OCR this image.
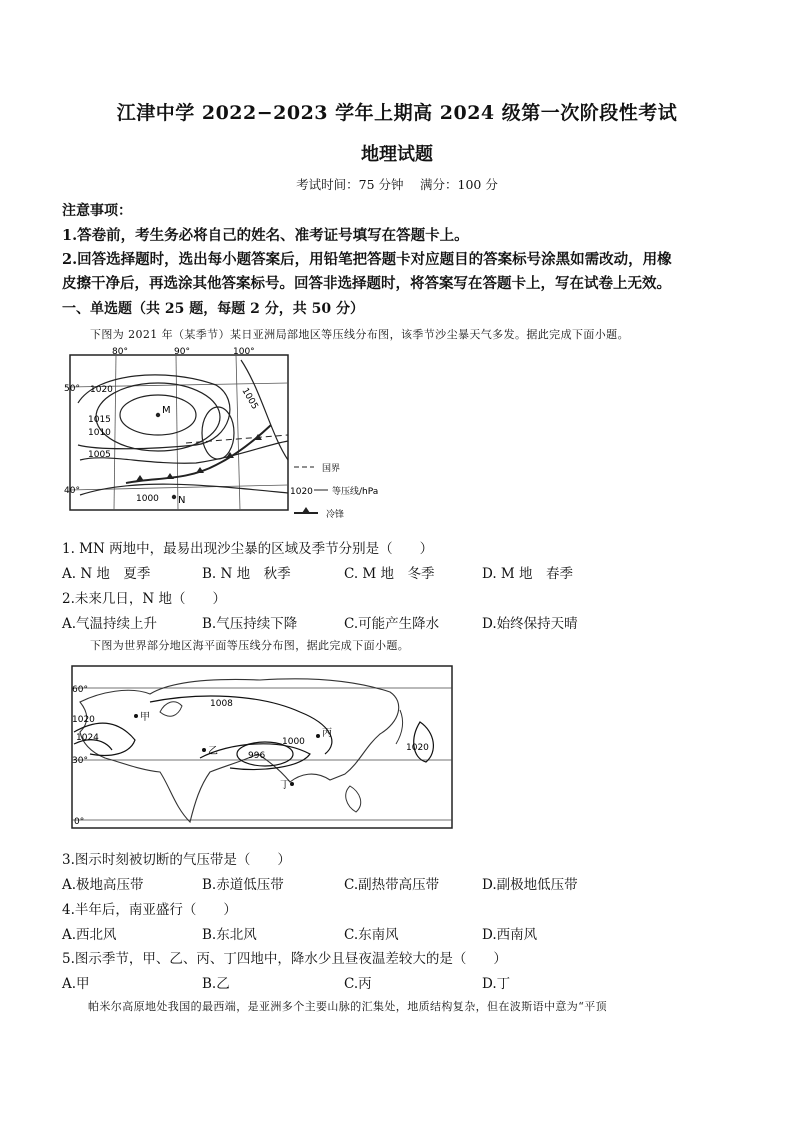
江津中学 2022−2023 学年上期高 2024 级第一次阶段性考试
地理试题
考试时间：75 分钟　 满分：100 分
注意事项：
1.答卷前，考生务必将自己的姓名、准考证号填写在答题卡上。
2.回答选择题时，选出每小题答案后，用铅笔把答题卡对应题目的答案标号涂黑如需改动，用橡
皮擦干净后，再选涂其他答案标号。回答非选择题时，将答案写在答题卡上，写在试卷上无效。
一、单选题（共 25 题，每题 2 分，共 50 分）
下图为 2021 年（某季节）某日亚洲局部地区等压线分布图，该季节沙尘暴天气多发。据此完成下面小题。
80°	90°	100°
50°
40°
1020
1015
1010
1005
1000
1005
M
N
国界
1020 等压线/hPa
冷锋
1. MN 两地中，最易出现沙尘暴的区域及季节分别是（　　）
A. N 地　夏季	B. N 地　秋季	C. M 地　冬季	D. M 地　春季
2.未来几日，N 地（　　）
A.气温持续上升	B.气压持续下降	C.可能产生降水	D.始终保持天晴
下图为世界部分地区海平面等压线分布图，据此完成下面小题。
60°
30°
0°
1020
1024
1008
996
1000
1020
甲
乙
丙
丁
3.图示时刻被切断的气压带是（　　）
A.极地高压带	B.赤道低压带	C.副热带高压带	D.副极地低压带
4.半年后，南亚盛行（　　）
A.西北风	B.东北风	C.东南风	D.西南风
5.图示季节，甲、乙、丙、丁四地中，降水少且昼夜温差较大的是（　　）
A.甲	B.乙	C.丙	D.丁
帕米尔高原地处我国的最西端，是亚洲多个主要山脉的汇集处，地质结构复杂，但在波斯语中意为“平顶
